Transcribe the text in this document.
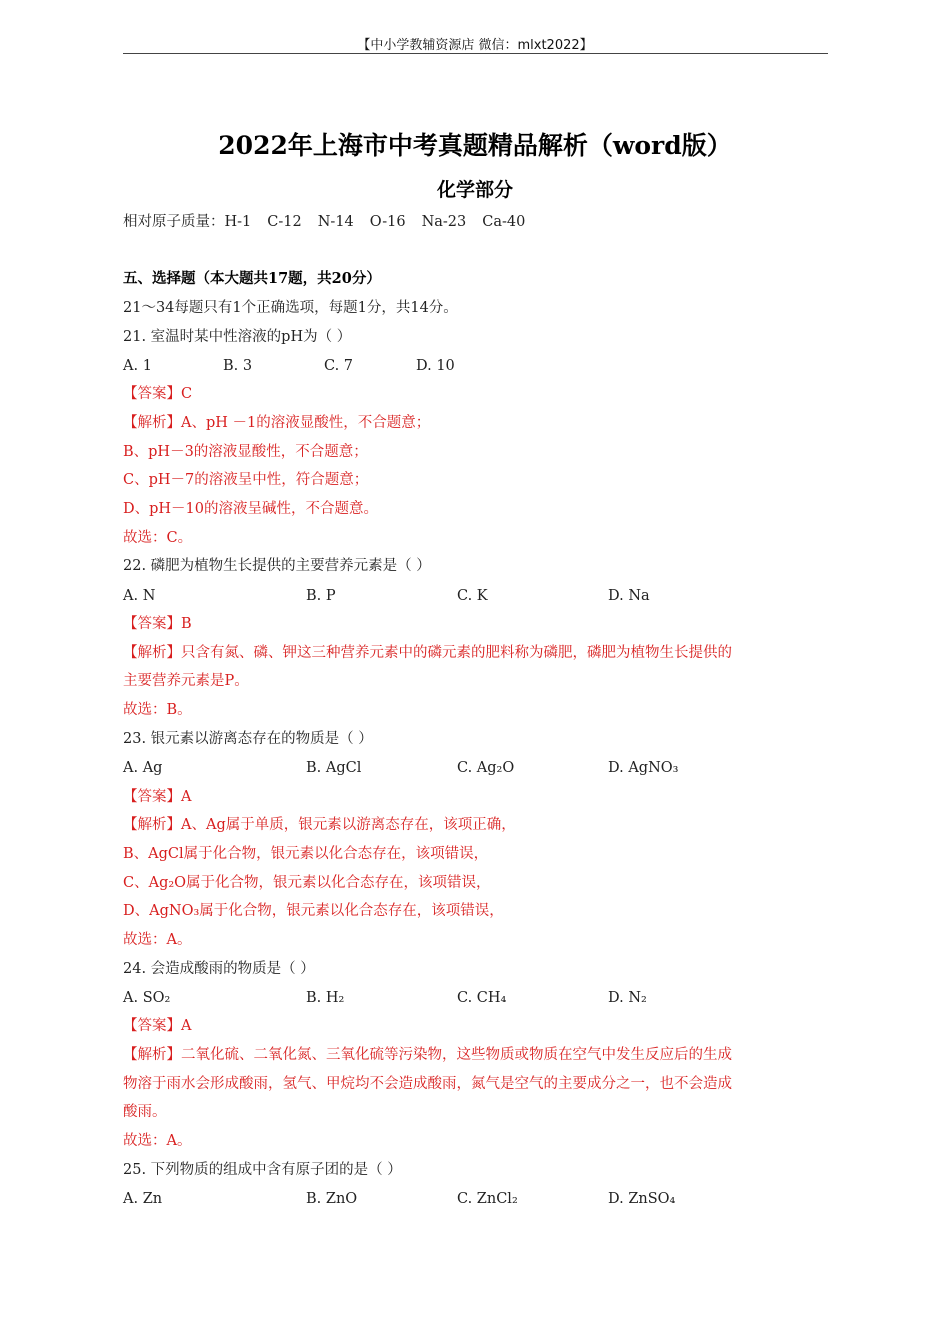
【中小学教辅资源店 微信：mlxt2022】
2022年上海市中考真题精品解析（word版）
化学部分
相对原子质量：H-1 C-12 N-14 O-16 Na-23 Ca-40
五、选择题（本大题共17题，共20分）
21～34每题只有1个正确选项，每题1分，共14分。
21. 室温时某中性溶液的pH为（ ）
A. 1	B. 3	C. 7	D. 10
【答案】C
【解析】A、pH －1的溶液显酸性，不合题意；
B、pH－3的溶液显酸性，不合题意；
C、pH－7的溶液呈中性，符合题意；
D、pH－10的溶液呈碱性，不合题意。
故选：C。
22. 磷肥为植物生长提供的主要营养元素是（ ）
A. N	B. P	C. K	D. Na
【答案】B
【解析】只含有氮、磷、钾这三种营养元素中的磷元素的肥料称为磷肥，磷肥为植物生长提供的
主要营养元素是P。
故选：B。
23. 银元素以游离态存在的物质是（ ）
A. Ag	B. AgCl	C. Ag₂O	D. AgNO₃
【答案】A
【解析】A、Ag属于单质，银元素以游离态存在，该项正确，
B、AgCl属于化合物，银元素以化合态存在，该项错误，
C、Ag₂O属于化合物，银元素以化合态存在，该项错误，
D、AgNO₃属于化合物，银元素以化合态存在，该项错误，
故选：A。
24. 会造成酸雨的物质是（ ）
A. SO₂	B. H₂	C. CH₄	D. N₂
【答案】A
【解析】二氧化硫、二氧化氮、三氧化硫等污染物，这些物质或物质在空气中发生反应后的生成
物溶于雨水会形成酸雨，氢气、甲烷均不会造成酸雨，氮气是空气的主要成分之一，也不会造成
酸雨。
故选：A。
25. 下列物质的组成中含有原子团的是（ ）
A. Zn	B. ZnO	C. ZnCl₂	D. ZnSO₄
